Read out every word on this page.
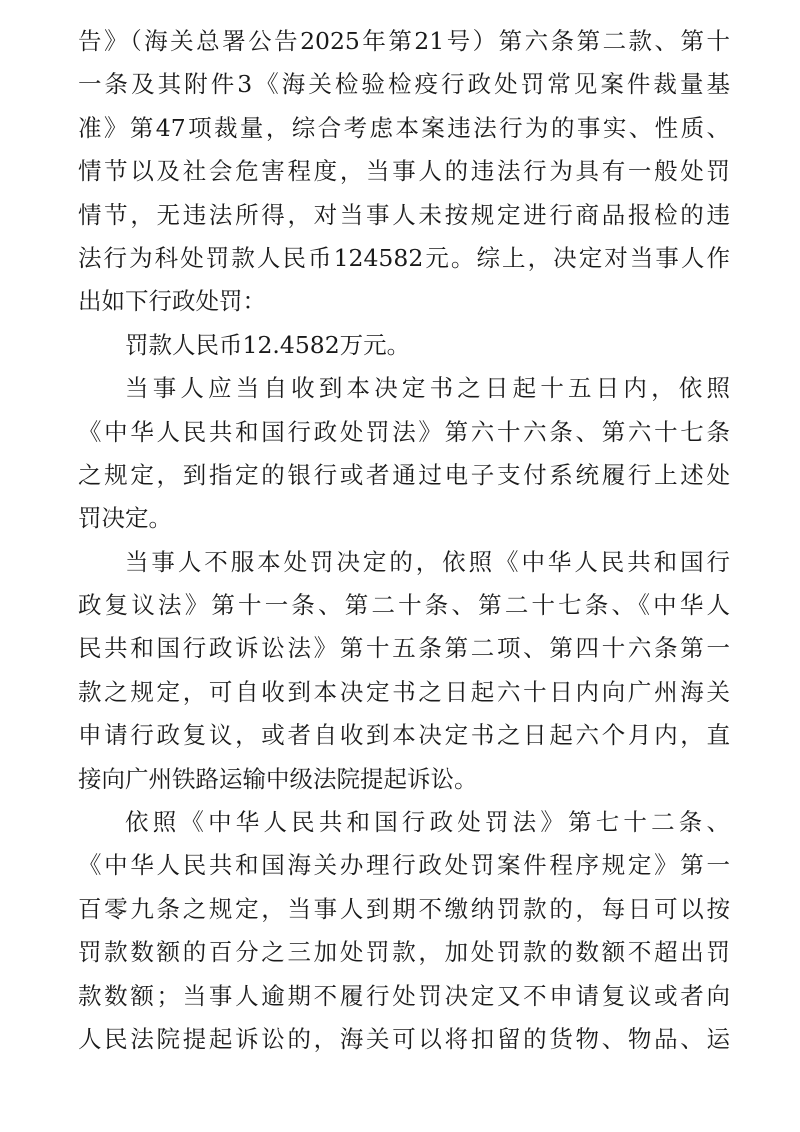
告》（海关总署公告2025年第21号）第六条第二款、第十
一条及其附件3《海关检验检疫行政处罚常见案件裁量基
准》第47项裁量，综合考虑本案违法行为的事实、性质、
情节以及社会危害程度，当事人的违法行为具有一般处罚
情节，无违法所得，对当事人未按规定进行商品报检的违
法行为科处罚款人民币124582元。综上，决定对当事人作
出如下行政处罚：
罚款人民币12.4582万元。
当事人应当自收到本决定书之日起十五日内，依照
《中华人民共和国行政处罚法》第六十六条、第六十七条
之规定，到指定的银行或者通过电子支付系统履行上述处
罚决定。
当事人不服本处罚决定的，依照《中华人民共和国行
政复议法》第十一条、第二十条、第二十七条、《中华人
民共和国行政诉讼法》第十五条第二项、第四十六条第一
款之规定，可自收到本决定书之日起六十日内向广州海关
申请行政复议，或者自收到本决定书之日起六个月内，直
接向广州铁路运输中级法院提起诉讼。
依照《中华人民共和国行政处罚法》第七十二条、
《中华人民共和国海关办理行政处罚案件程序规定》第一
百零九条之规定，当事人到期不缴纳罚款的，每日可以按
罚款数额的百分之三加处罚款，加处罚款的数额不超出罚
款数额；当事人逾期不履行处罚决定又不申请复议或者向
人民法院提起诉讼的，海关可以将扣留的货物、物品、运
